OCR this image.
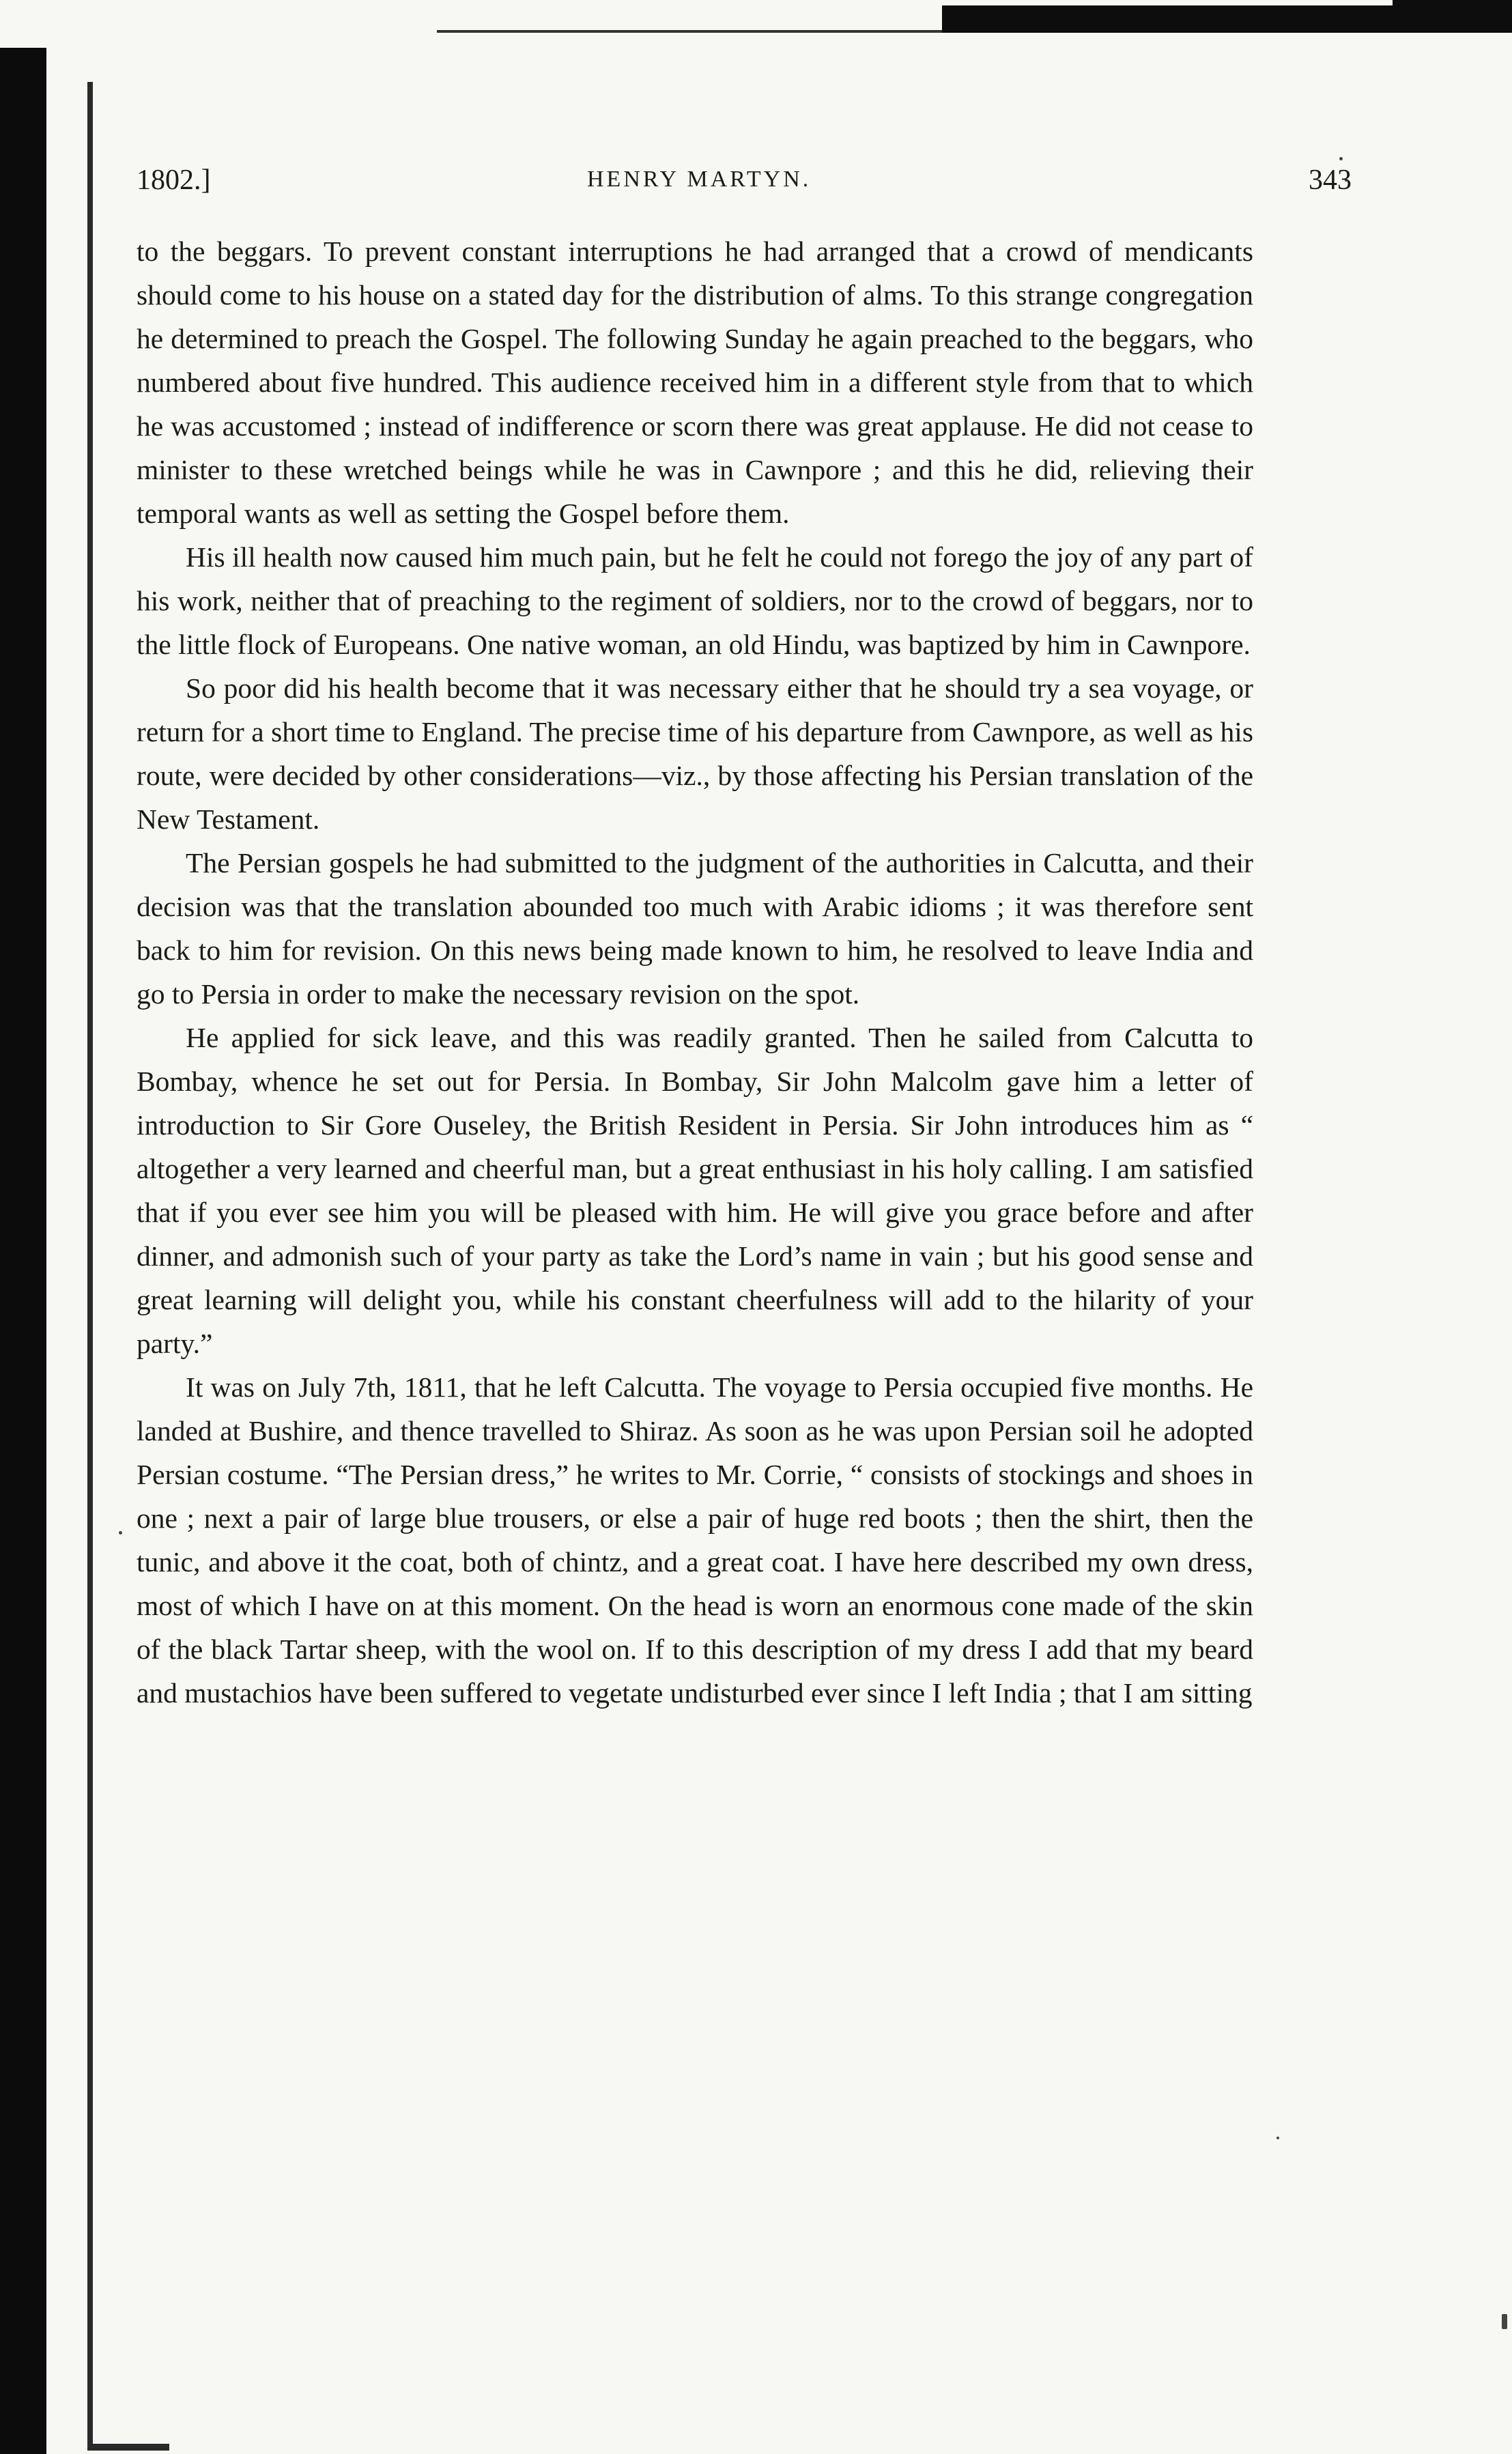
1802.]	HENRY MARTYN.	343

to the beggars. To prevent constant interruptions he had arranged that a crowd of mendicants should come to his house on a stated day for the distribution of alms. To this strange congregation he determined to preach the Gospel. The following Sunday he again preached to the beggars, who numbered about five hundred. This audience received him in a different style from that to which he was accustomed ; instead of indifference or scorn there was great applause. He did not cease to minister to these wretched beings while he was in Cawnpore ; and this he did, relieving their temporal wants as well as setting the Gospel before them.

His ill health now caused him much pain, but he felt he could not forego the joy of any part of his work, neither that of preaching to the regiment of soldiers, nor to the crowd of beggars, nor to the little flock of Europeans. One native woman, an old Hindu, was baptized by him in Cawnpore.

So poor did his health become that it was necessary either that he should try a sea voyage, or return for a short time to England. The precise time of his departure from Cawnpore, as well as his route, were decided by other considerations—viz., by those affecting his Persian translation of the New Testament.

The Persian gospels he had submitted to the judgment of the authorities in Calcutta, and their decision was that the translation abounded too much with Arabic idioms ; it was therefore sent back to him for revision. On this news being made known to him, he resolved to leave India and go to Persia in order to make the necessary revision on the spot.

He applied for sick leave, and this was readily granted. Then he sailed from Calcutta to Bombay, whence he set out for Persia. In Bombay, Sir John Malcolm gave him a letter of introduction to Sir Gore Ouseley, the British Resident in Persia. Sir John introduces him as “ altogether a very learned and cheerful man, but a great enthusiast in his holy calling. I am satisfied that if you ever see him you will be pleased with him. He will give you grace before and after dinner, and admonish such of your party as take the Lord’s name in vain ; but his good sense and great learning will delight you, while his constant cheerfulness will add to the hilarity of your party.”

It was on July 7th, 1811, that he left Calcutta. The voyage to Persia occupied five months. He landed at Bushire, and thence travelled to Shiraz. As soon as he was upon Persian soil he adopted Persian costume. “The Persian dress,” he writes to Mr. Corrie, “ consists of stockings and shoes in one ; next a pair of large blue trousers, or else a pair of huge red boots ; then the shirt, then the tunic, and above it the coat, both of chintz, and a great coat. I have here described my own dress, most of which I have on at this moment. On the head is worn an enormous cone made of the skin of the black Tartar sheep, with the wool on. If to this description of my dress I add that my beard and mustachios have been suffered to vegetate undisturbed ever since I left India ; that I am sitting
